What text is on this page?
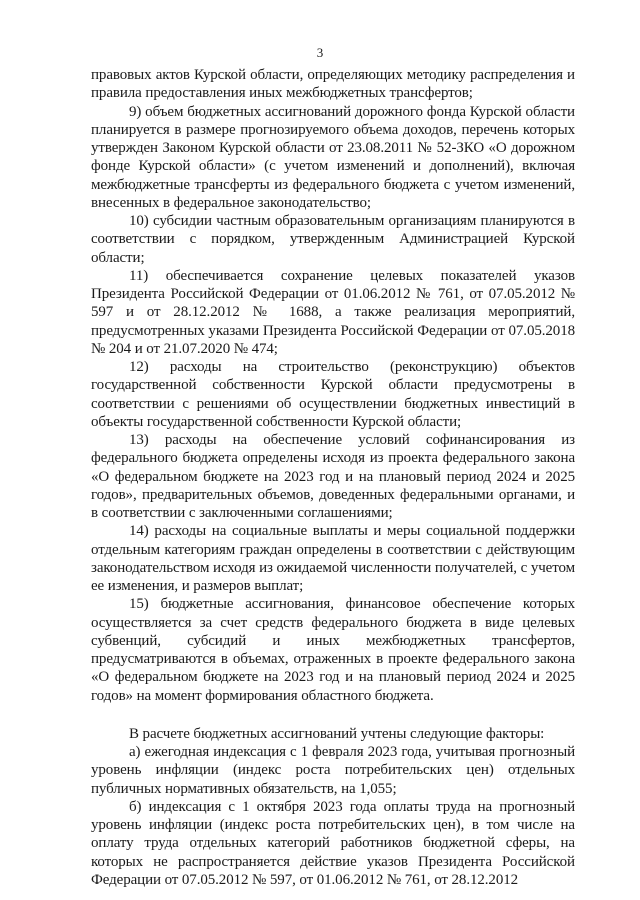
3

правовых актов Курской области, определяющих методику распределения и правила предоставления иных межбюджетных трансфертов;

9) объем бюджетных ассигнований дорожного фонда Курской области планируется в размере прогнозируемого объема доходов, перечень которых утвержден Законом Курской области от 23.08.2011 № 52-ЗКО «О дорожном фонде Курской области» (с учетом изменений и дополнений), включая межбюджетные трансферты из федерального бюджета с учетом изменений, внесенных в федеральное законодательство;

10) субсидии частным образовательным организациям планируются в соответствии с порядком, утвержденным Администрацией Курской области;

11) обеспечивается сохранение целевых показателей указов Президента Российской Федерации от 01.06.2012 № 761, от 07.05.2012 № 597 и от 28.12.2012 № 1688, а также реализация мероприятий, предусмотренных указами Президента Российской Федерации от 07.05.2018 № 204 и от 21.07.2020 № 474;

12) расходы на строительство (реконструкцию) объектов государственной собственности Курской области предусмотрены в соответствии с решениями об осуществлении бюджетных инвестиций в объекты государственной собственности Курской области;

13) расходы на обеспечение условий софинансирования из федерального бюджета определены исходя из проекта федерального закона «О федеральном бюджете на 2023 год и на плановый период 2024 и 2025 годов», предварительных объемов, доведенных федеральными органами, и в соответствии с заключенными соглашениями;

14) расходы на социальные выплаты и меры социальной поддержки отдельным категориям граждан определены в соответствии с действующим законодательством исходя из ожидаемой численности получателей, с учетом ее изменения, и размеров выплат;

15) бюджетные ассигнования, финансовое обеспечение которых осуществляется за счет средств федерального бюджета в виде целевых субвенций, субсидий и иных межбюджетных трансфертов, предусматриваются в объемах, отраженных в проекте федерального закона «О федеральном бюджете на 2023 год и на плановый период 2024 и 2025 годов» на момент формирования областного бюджета.

В расчете бюджетных ассигнований учтены следующие факторы:

а) ежегодная индексация с 1 февраля 2023 года, учитывая прогнозный уровень инфляции (индекс роста потребительских цен) отдельных публичных нормативных обязательств, на 1,055;

б) индексация с 1 октября 2023 года оплаты труда на прогнозный уровень инфляции (индекс роста потребительских цен), в том числе на оплату труда отдельных категорий работников бюджетной сферы, на которых не распространяется действие указов Президента Российской Федерации от 07.05.2012 № 597, от 01.06.2012 № 761, от 28.12.2012
